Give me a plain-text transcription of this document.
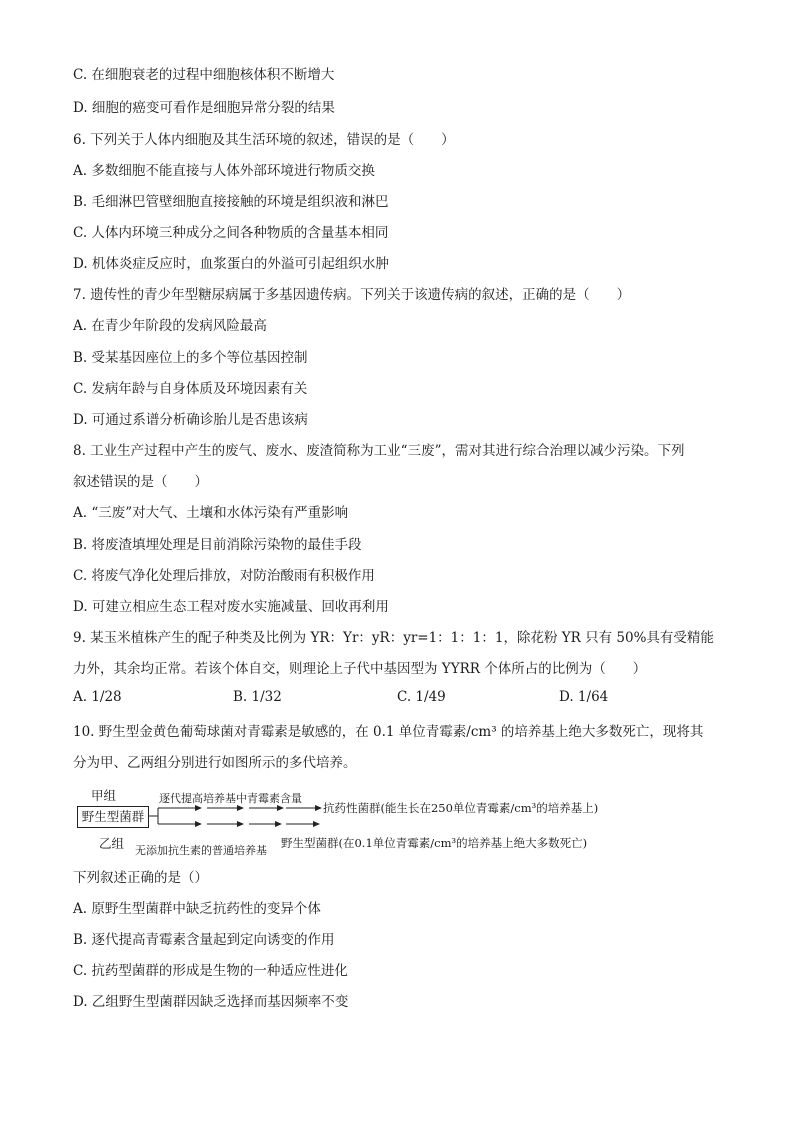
C. 在细胞衰老的过程中细胞核体积不断增大
D. 细胞的癌变可看作是细胞异常分裂的结果
6. 下列关于人体内细胞及其生活环境的叙述，错误的是（　　）
A. 多数细胞不能直接与人体外部环境进行物质交换
B. 毛细淋巴管壁细胞直接接触的环境是组织液和淋巴
C. 人体内环境三种成分之间各种物质的含量基本相同
D. 机体炎症反应时，血浆蛋白的外溢可引起组织水肿
7. 遗传性的青少年型糖尿病属于多基因遗传病。下列关于该遗传病的叙述，正确的是（　　）
A. 在青少年阶段的发病风险最高
B. 受某基因座位上的多个等位基因控制
C. 发病年龄与自身体质及环境因素有关
D. 可通过系谱分析确诊胎儿是否患该病
8. 工业生产过程中产生的废气、废水、废渣简称为工业“三废”，需对其进行综合治理以减少污染。下列
叙述错误的是（　　）
A. “三废”对大气、土壤和水体污染有严重影响
B. 将废渣填埋处理是目前消除污染物的最佳手段
C. 将废气净化处理后排放，对防治酸雨有积极作用
D. 可建立相应生态工程对废水实施减量、回收再利用
9. 某玉米植株产生的配子种类及比例为 YR：Yr：yR：yr=1：1：1：1，除花粉 YR 只有 50%具有受精能
力外，其余均正常。若该个体自交，则理论上子代中基因型为 YYRR 个体所占的比例为（　　）
A. 1/28	B. 1/32	C. 1/49	D. 1/64
10. 野生型金黄色葡萄球菌对青霉素是敏感的，在 0.1 单位青霉素/cm³ 的培养基上绝大多数死亡，现将其
分为甲、乙两组分别进行如图所示的多代培养。
甲组
野生型菌群
乙组
逐代提高培养基中青霉素含量
抗药性菌群(能生长在250单位青霉素/cm³的培养基上)
无添加抗生素的普通培养基
野生型菌群(在0.1单位青霉素/cm³的培养基上绝大多数死亡)
下列叙述正确的是（）
A. 原野生型菌群中缺乏抗药性的变异个体
B. 逐代提高青霉素含量起到定向诱变的作用
C. 抗药型菌群的形成是生物的一种适应性进化
D. 乙组野生型菌群因缺乏选择而基因频率不变
